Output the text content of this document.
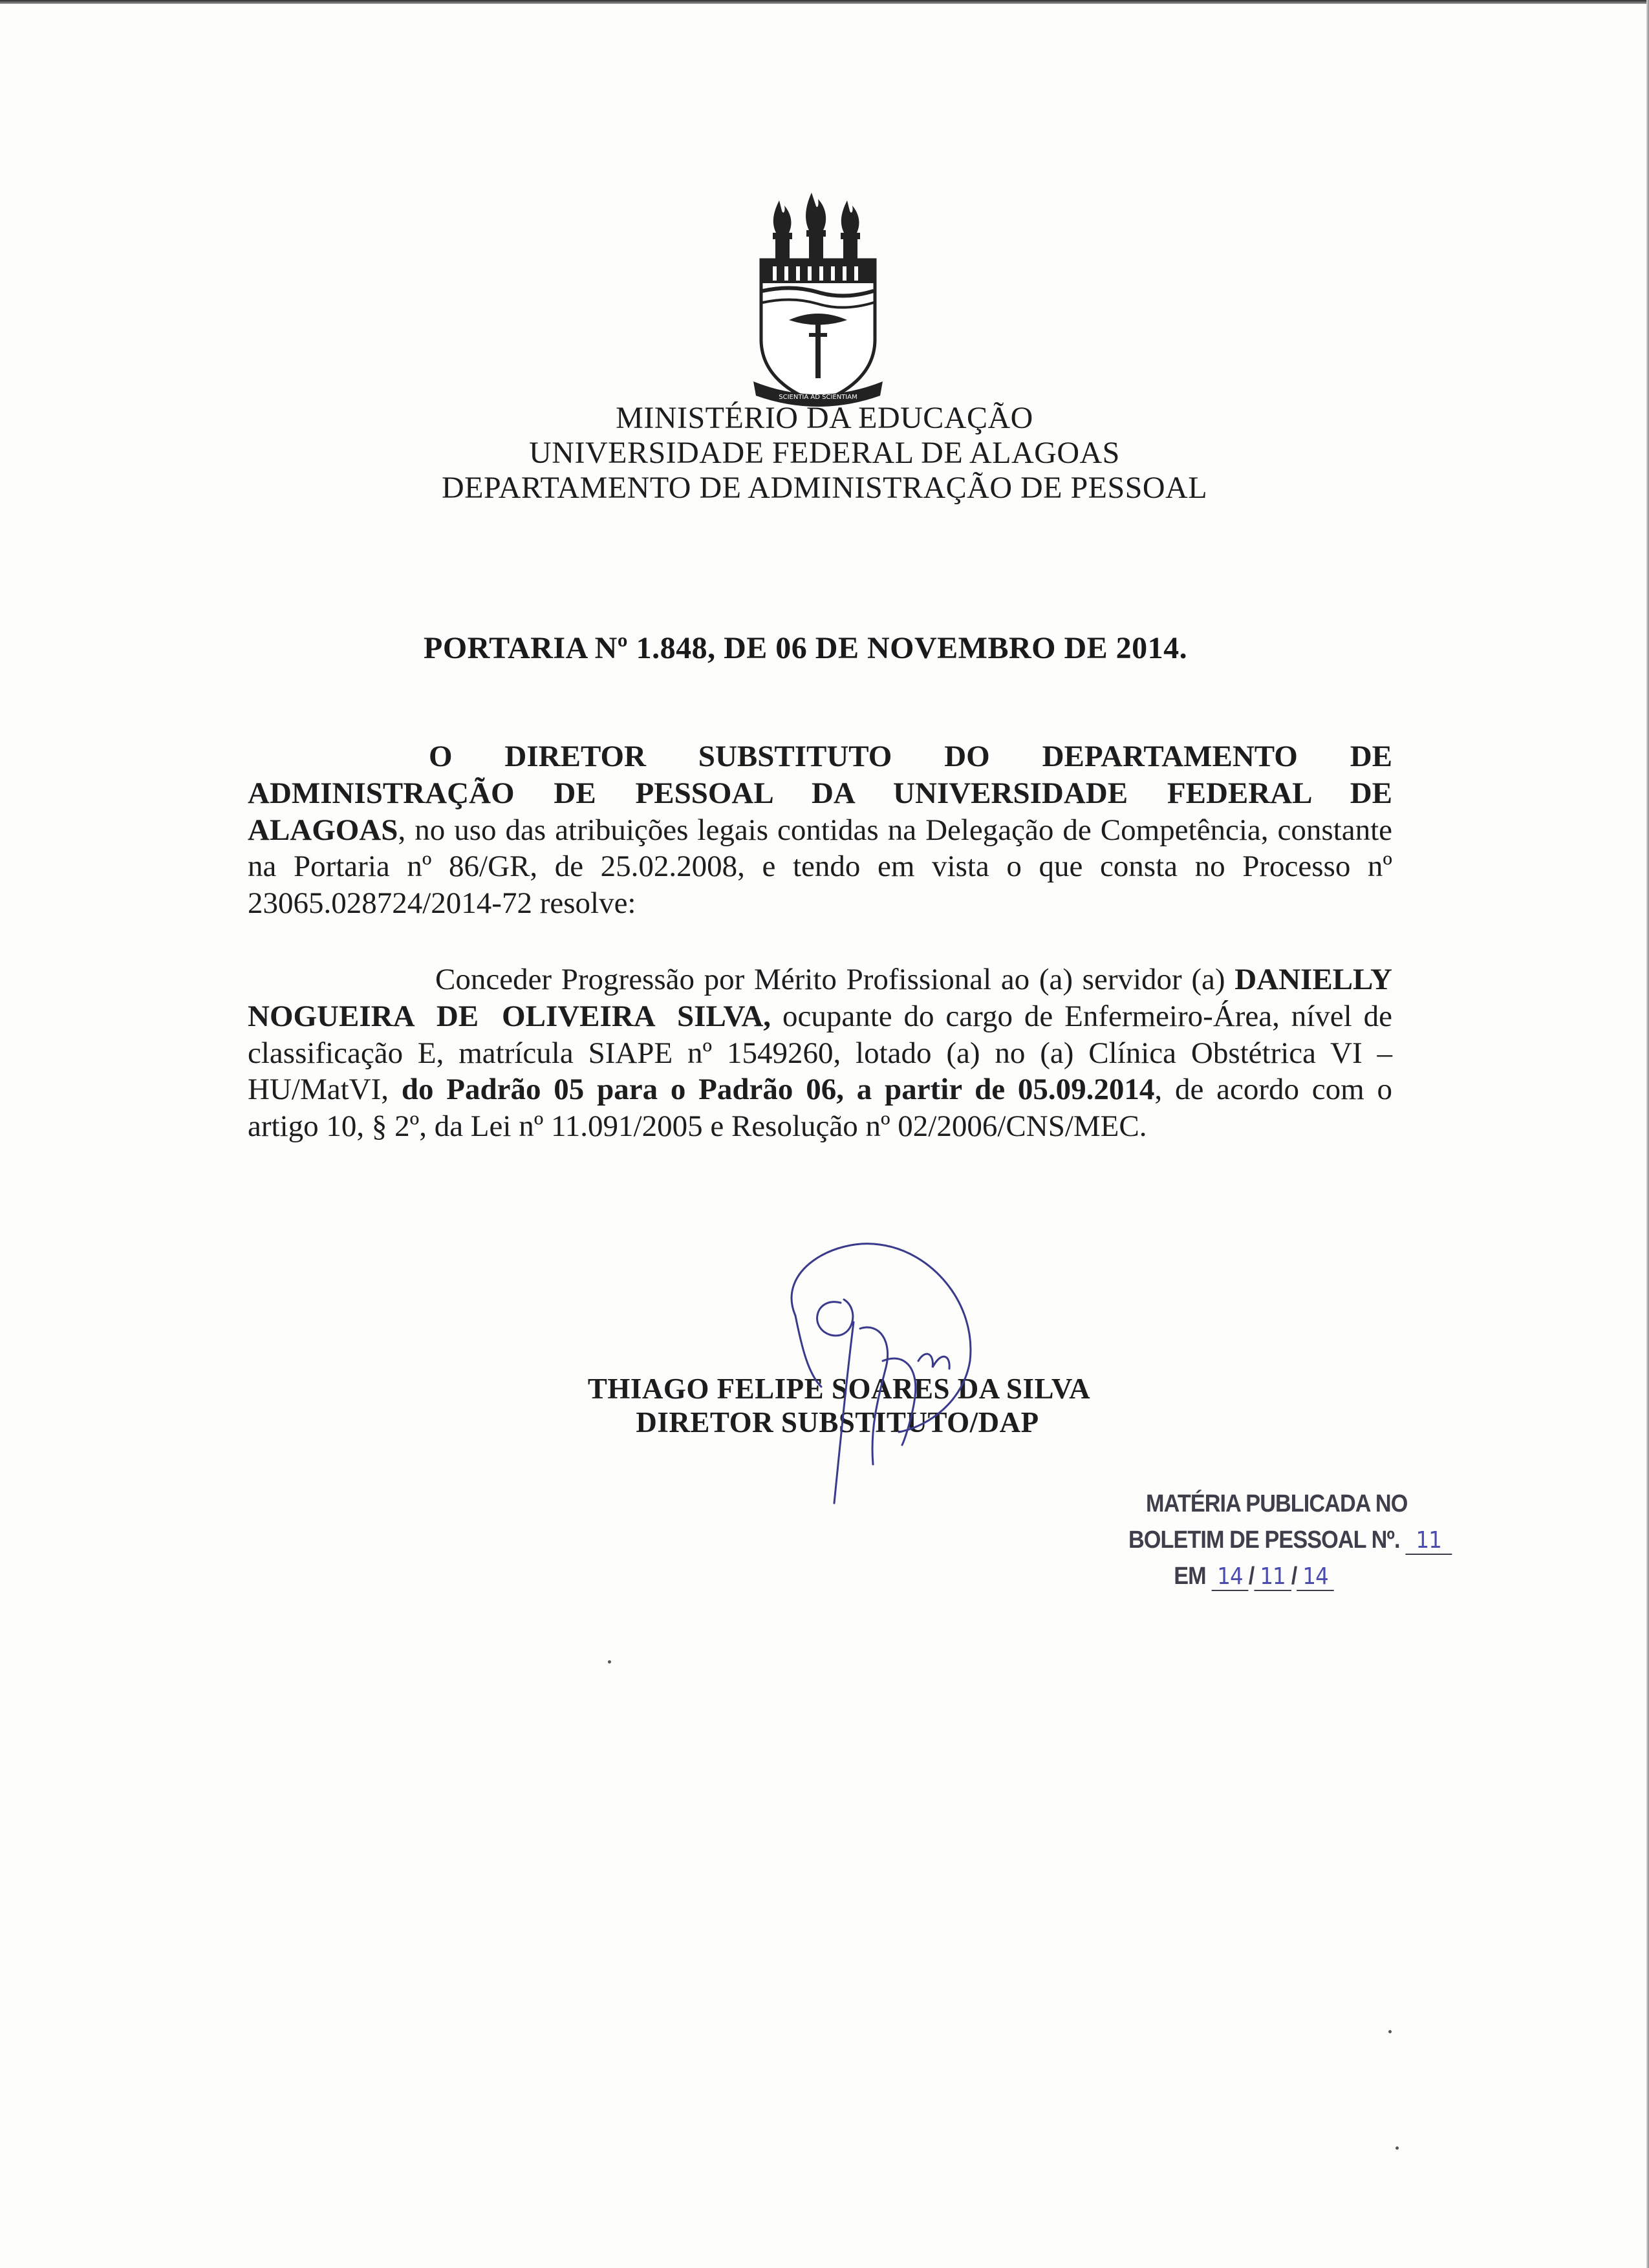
SCIENTIA AD SCIENTIAM
MINISTÉRIO DA EDUCAÇÃO
UNIVERSIDADE FEDERAL DE ALAGOAS
DEPARTAMENTO DE ADMINISTRAÇÃO DE PESSOAL
PORTARIA Nº 1.848, DE 06 DE NOVEMBRO DE 2014.
O DIRETOR SUBSTITUTO DO DEPARTAMENTO DE ADMINISTRAÇÃO DE PESSOAL DA UNIVERSIDADE FEDERAL DE ALAGOAS, no uso das atribuições legais contidas na Delegação de Competência, constante na Portaria nº 86/GR, de 25.02.2008, e tendo em vista o que consta no Processo nº 23065.028724/2014-72 resolve:
Conceder Progressão por Mérito Profissional ao (a) servidor (a) DANIELLY NOGUEIRA DE OLIVEIRA SILVA, ocupante do cargo de Enfermeiro-Área, nível de classificação E, matrícula SIAPE nº 1549260, lotado (a) no (a) Clínica Obstétrica VI – HU/MatVI, do Padrão 05 para o Padrão 06, a partir de 05.09.2014, de acordo com o artigo 10, § 2º, da Lei nº 11.091/2005 e Resolução nº 02/2006/CNS/MEC.
THIAGO FELIPE SOARES DA SILVA
DIRETOR SUBSTITUTO/DAP
MATÉRIA PUBLICADA NO
BOLETIM DE PESSOAL Nº. 11
EM 14 / 11 / 14
